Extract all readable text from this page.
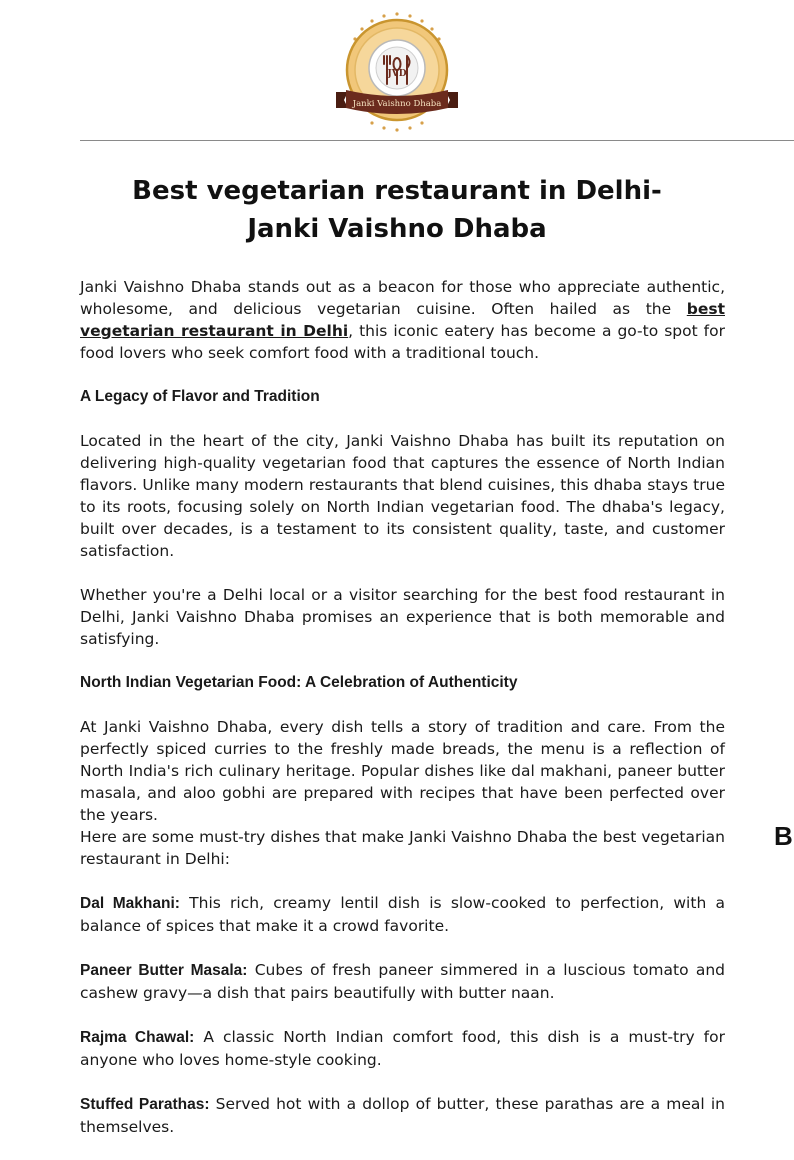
JVD
Janki Vaishno Dhaba
Best vegetarian restaurant in Delhi-Janki Vaishno Dhaba

Janki Vaishno Dhaba stands out as a beacon for those who appreciate authentic, wholesome, and delicious vegetarian cuisine. Often hailed as the best vegetarian restaurant in Delhi, this iconic eatery has become a go-to spot for food lovers who seek comfort food with a traditional touch.

A Legacy of Flavor and Tradition

Located in the heart of the city, Janki Vaishno Dhaba has built its reputation on delivering high-quality vegetarian food that captures the essence of North Indian flavors. Unlike many modern restaurants that blend cuisines, this dhaba stays true to its roots, focusing solely on North Indian vegetarian food. The dhaba's legacy, built over decades, is a testament to its consistent quality, taste, and customer satisfaction.

Whether you're a Delhi local or a visitor searching for the best food restaurant in Delhi, Janki Vaishno Dhaba promises an experience that is both memorable and satisfying.

North Indian Vegetarian Food: A Celebration of Authenticity

At Janki Vaishno Dhaba, every dish tells a story of tradition and care. From the perfectly spiced curries to the freshly made breads, the menu is a reflection of North India's rich culinary heritage. Popular dishes like dal makhani, paneer butter masala, and aloo gobhi are prepared with recipes that have been perfected over the years.

Here are some must-try dishes that make Janki Vaishno Dhaba the best vegetarian restaurant in Delhi:

Dal Makhani: This rich, creamy lentil dish is slow-cooked to perfection, with a balance of spices that make it a crowd favorite.

Paneer Butter Masala: Cubes of fresh paneer simmered in a luscious tomato and cashew gravy—a dish that pairs beautifully with butter naan.

Rajma Chawal: A classic North Indian comfort food, this dish is a must-try for anyone who loves home-style cooking.

Stuffed Parathas: Served hot with a dollop of butter, these parathas are a meal in themselves.

B
